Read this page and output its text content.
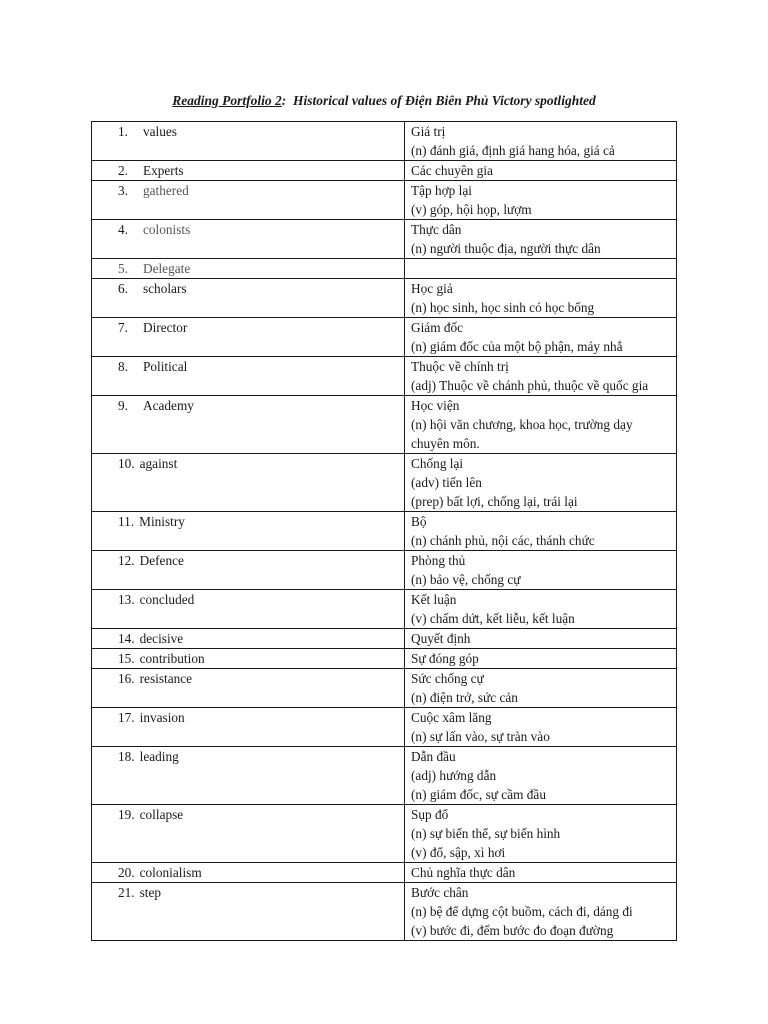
Reading Portfolio 2: Historical values of Điện Biên Phủ Victory spotlighted
1. values	Giá trị
(n) đánh giá, định giá hang hóa, giá cả

2. Experts	Các chuyên gia

3. gathered	Tập hợp lại
(v) góp, hội họp, lượm

4. colonists	Thực dân
(n) người thuộc địa, người thực dân

5. Delegate	

6. scholars	Học giả
(n) học sinh, học sinh có học bổng

7. Director	Giám đốc
(n) giám đốc của một bộ phận, máy nhắ

8. Political	Thuộc về chính trị
(adj) Thuộc về chánh phủ, thuộc về quốc gia

9. Academy	Học viện
(n) hội văn chương, khoa học, trường dạy
chuyên môn.

10. against	Chống lại
(adv) tiến lên
(prep) bất lợi, chống lại, trái lại

11. Ministry	Bộ
(n) chánh phủ, nội các, thánh chức

12. Defence	Phòng thủ
(n) bảo vệ, chống cự

13. concluded	Kết luận
(v) chấm dứt, kết liễu, kết luận

14. decisive	Quyết định

15. contribution	Sự đóng góp

16. resistance	Sức chống cự
(n) điện trở, sức cản

17. invasion	Cuộc xâm lăng
(n) sự lấn vào, sự tràn vào

18. leading	Dẫn đầu
(adj) hướng dẫn
(n) giám đốc, sự cầm đầu

19. collapse	Sụp đổ
(n) sự biến thể, sự biến hình
(v) đổ, sập, xì hơi

20. colonialism	Chủ nghĩa thực dân

21. step	Bước chân
(n) bệ để dựng cột buồm, cách đi, dáng đi
(v) bước đi, đếm bước đo đoạn đường
